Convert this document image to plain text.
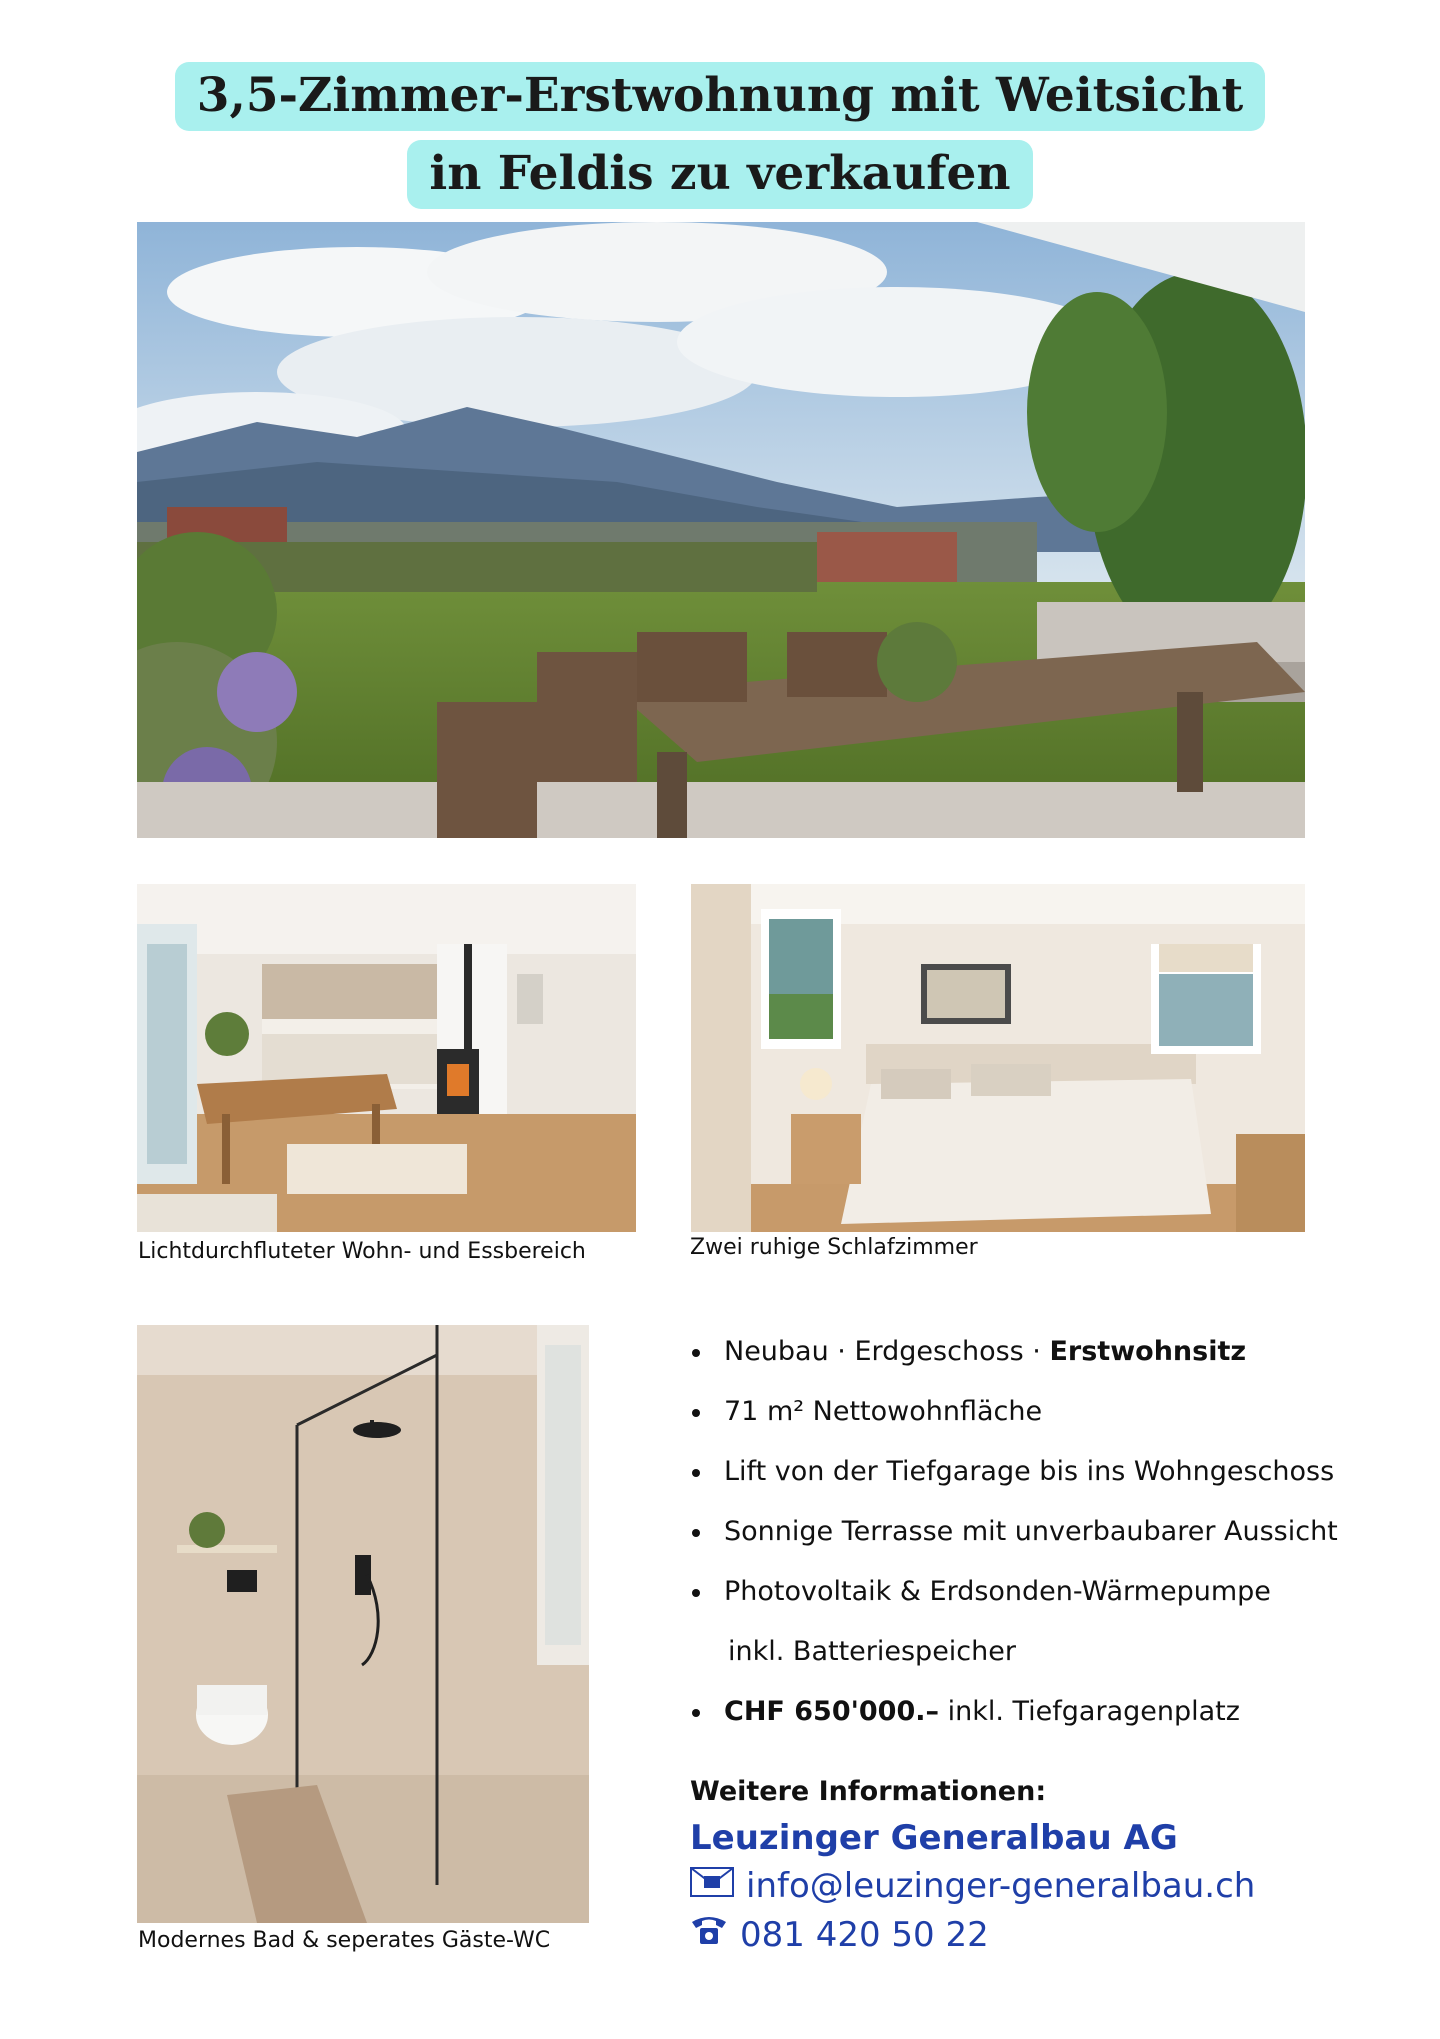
3,5-Zimmer-Erstwohnung mit Weitsicht
in Feldis zu verkaufen
Lichtdurchfluteter Wohn- und Essbereich	Zwei ruhige Schlafzimmer
Modernes Bad & seperates Gäste-WC
Neubau · Erdgeschoss · Erstwohnsitz
71 m² Nettowohnfläche
Lift von der Tiefgarage bis ins Wohngeschoss
Sonnige Terrasse mit unverbaubarer Aussicht
Photovoltaik & Erdsonden-Wärmepumpe
inkl. Batteriespeicher
CHF 650'000.– inkl. Tiefgaragenplatz
Weitere Informationen:
Leuzinger Generalbau AG
info@leuzinger-generalbau.ch
081 420 50 22
